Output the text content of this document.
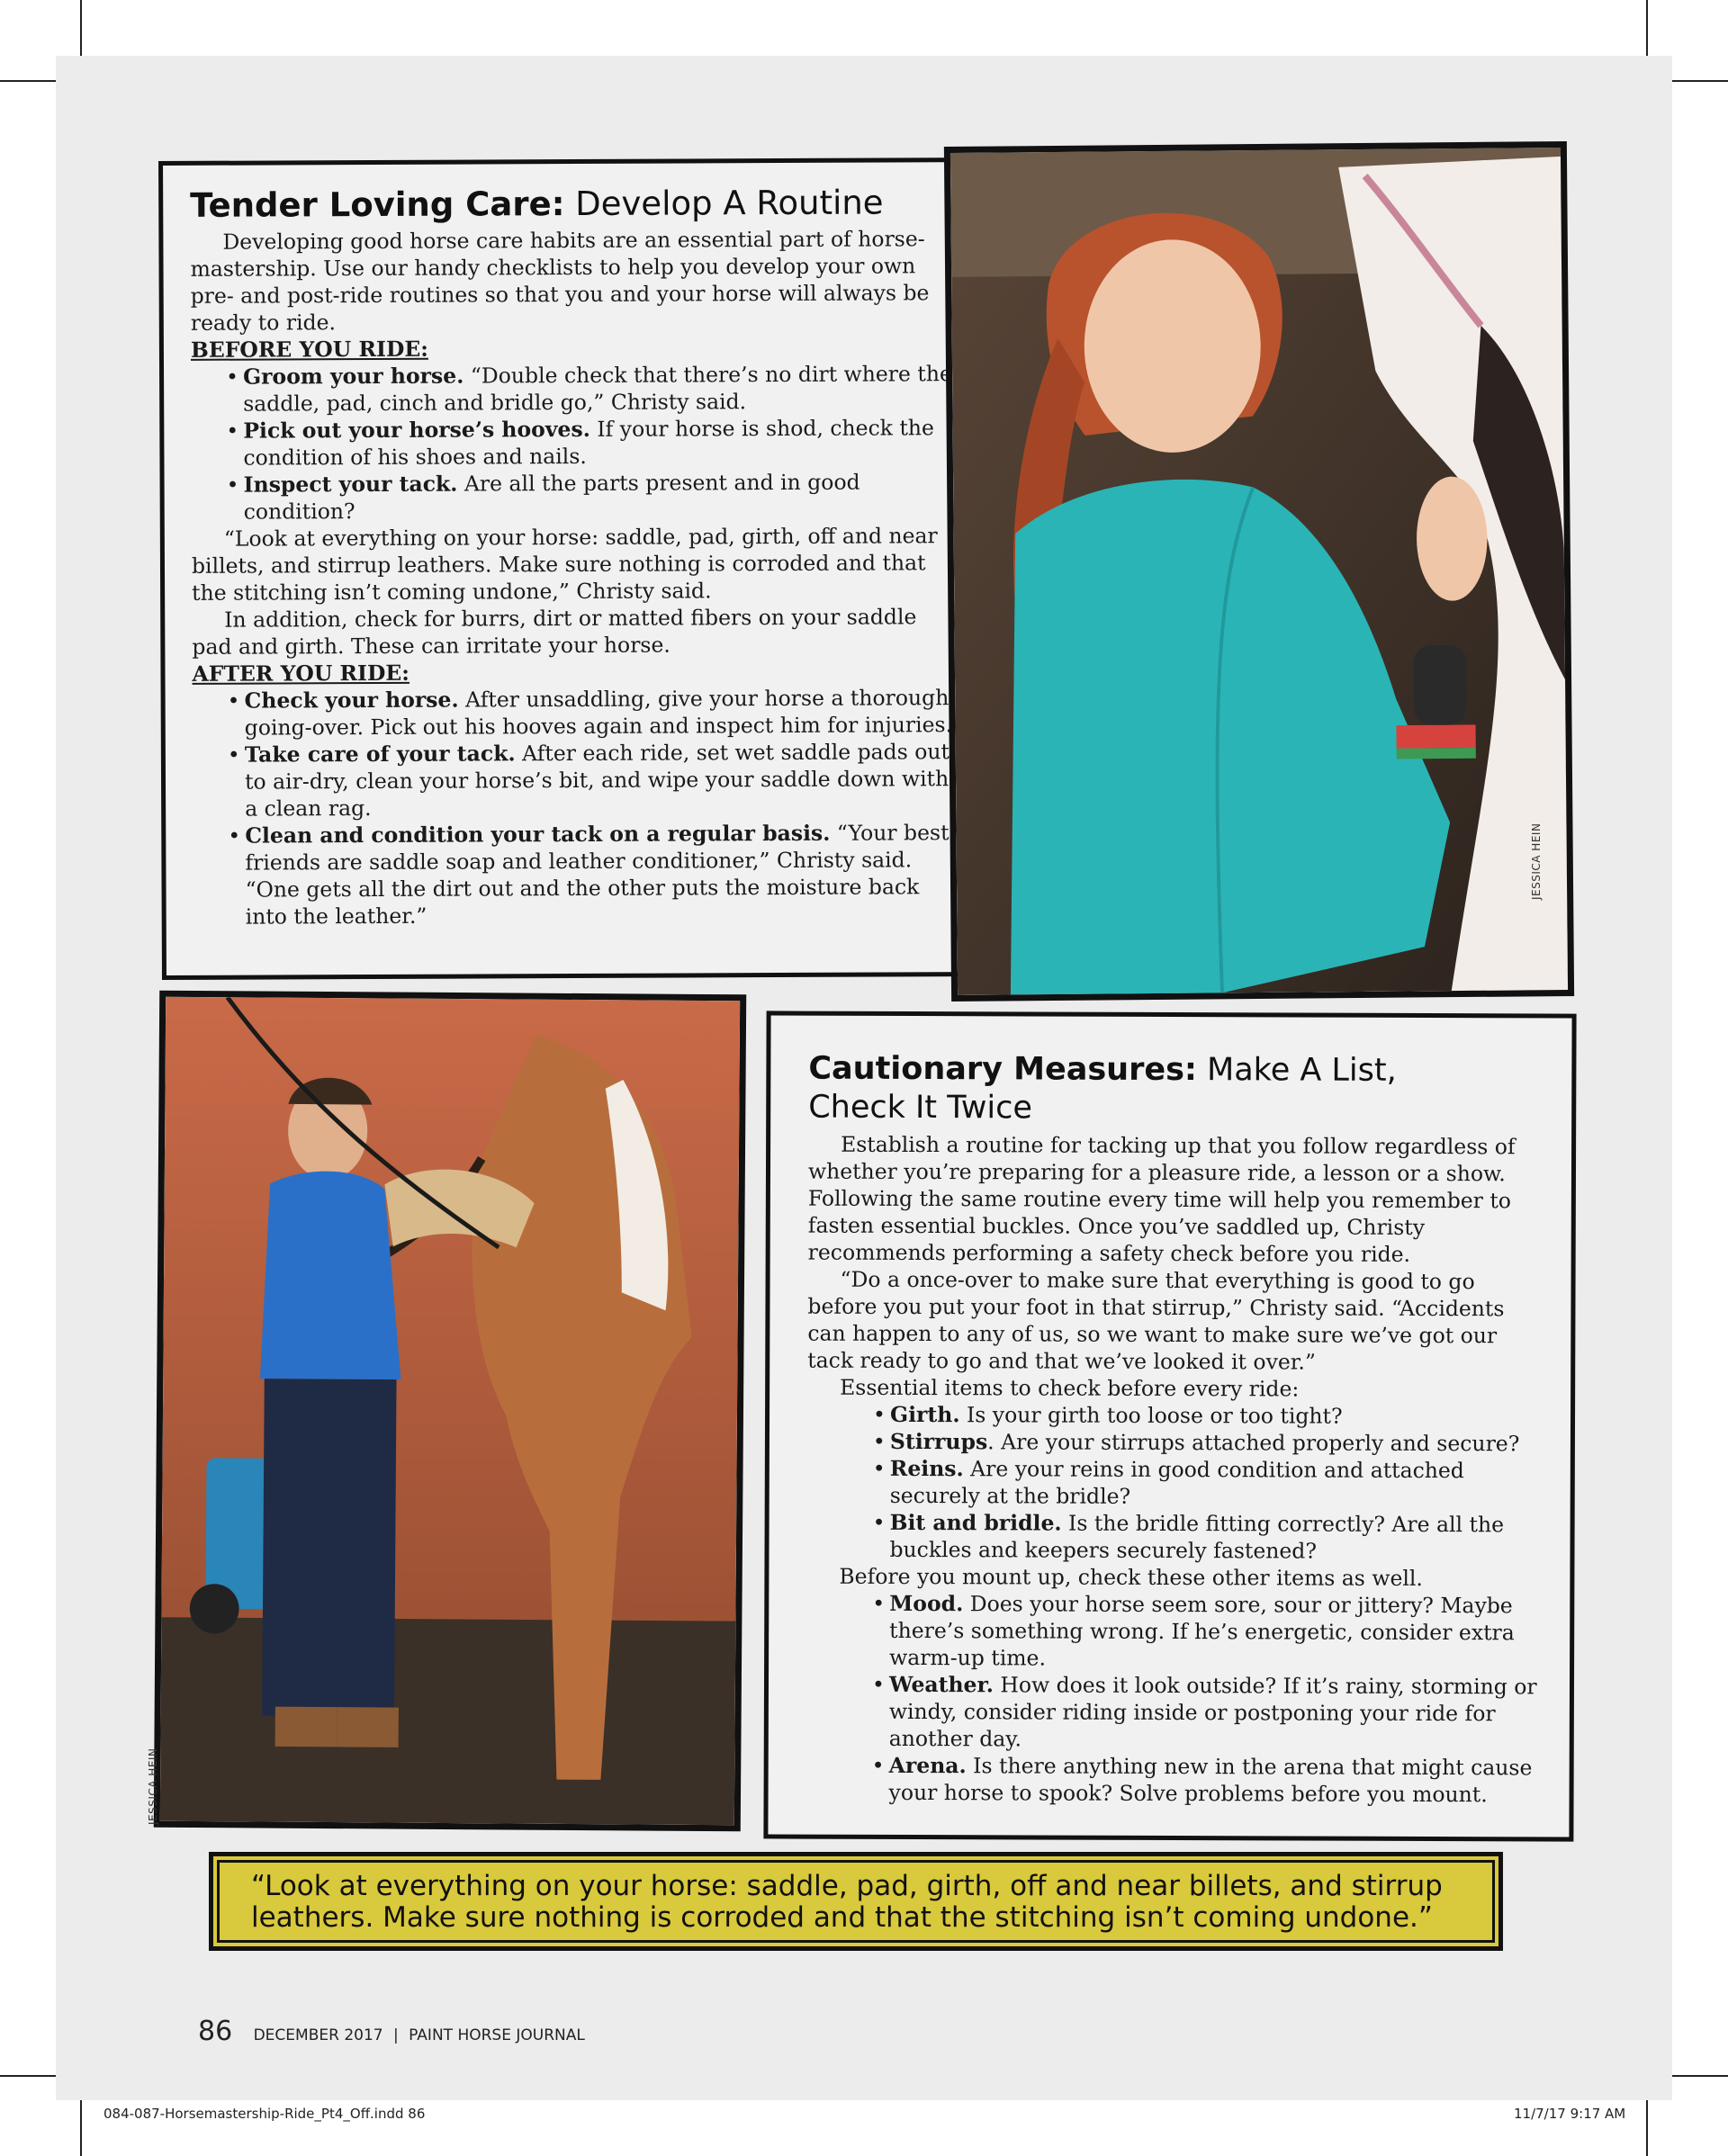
Tender Loving Care: Develop A Routine

Developing good horse care habits are an essential part of horse-mastership. Use our handy checklists to help you develop your own pre- and post-ride routines so that you and your horse will always be ready to ride.

BEFORE YOU RIDE:

• Groom your horse. “Double check that there’s no dirt where the saddle, pad, cinch and bridle go,” Christy said.
• Pick out your horse’s hooves. If your horse is shod, check the condition of his shoes and nails.
• Inspect your tack. Are all the parts present and in good condition?

“Look at everything on your horse: saddle, pad, girth, off and near billets, and stirrup leathers. Make sure nothing is corroded and that the stitching isn’t coming undone,” Christy said.

In addition, check for burrs, dirt or matted fibers on your saddle pad and girth. These can irritate your horse.

AFTER YOU RIDE:

• Check your horse. After unsaddling, give your horse a thorough going-over. Pick out his hooves again and inspect him for injuries.
• Take care of your tack. After each ride, set wet saddle pads out to air-dry, clean your horse’s bit, and wipe your saddle down with a clean rag.
• Clean and condition your tack on a regular basis. “Your best friends are saddle soap and leather conditioner,” Christy said. “One gets all the dirt out and the other puts the moisture back into the leather.”
JESSICA HEIN
JESSICA HEIN
Cautionary Measures: Make A List,
Check It Twice

Establish a routine for tacking up that you follow regardless of whether you’re preparing for a pleasure ride, a lesson or a show. Following the same routine every time will help you remember to fasten essential buckles. Once you’ve saddled up, Christy recommends performing a safety check before you ride.

“Do a once-over to make sure that everything is good to go before you put your foot in that stirrup,” Christy said. “Accidents can happen to any of us, so we want to make sure we’ve got our tack ready to go and that we’ve looked it over.”

Essential items to check before every ride:

• Girth. Is your girth too loose or too tight?
• Stirrups. Are your stirrups attached properly and secure?
• Reins. Are your reins in good condition and attached securely at the bridle?
• Bit and bridle. Is the bridle fitting correctly? Are all the buckles and keepers securely fastened?

Before you mount up, check these other items as well.

• Mood. Does your horse seem sore, sour or jittery? Maybe there’s something wrong. If he’s energetic, consider extra warm-up time.
• Weather. How does it look outside? If it’s rainy, storming or windy, consider riding inside or postponing your ride for another day.
• Arena. Is there anything new in the arena that might cause your horse to spook? Solve problems before you mount.
“Look at everything on your horse: saddle, pad, girth, off and near billets, and stirrup leathers. Make sure nothing is corroded and that the stitching isn’t coming undone.”
86 DECEMBER 2017 | PAINT HORSE JOURNAL
084-087-Horsemastership-Ride_Pt4_Off.indd 86	11/7/17 9:17 AM
